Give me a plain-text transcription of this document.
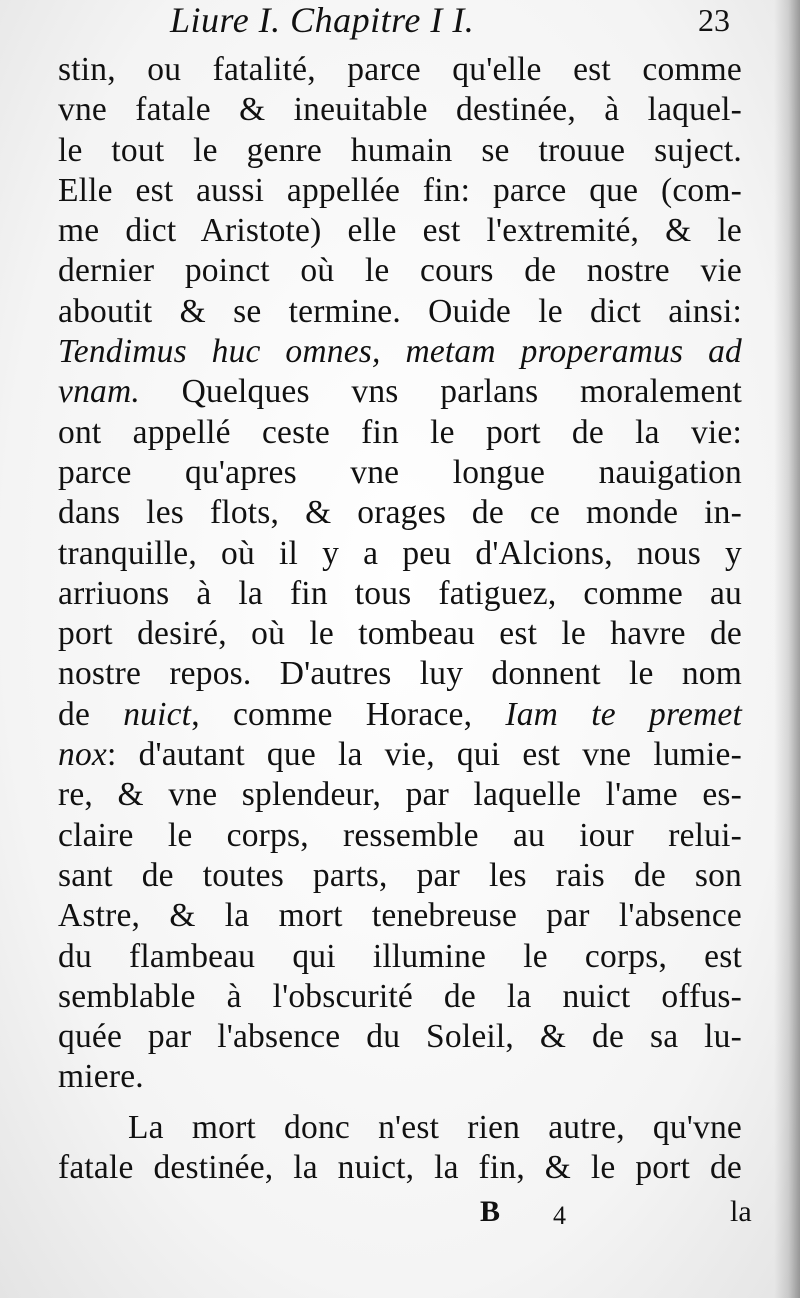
Liure I. Chapitre I I.	23
stin, ou fatalité, parce qu'elle est comme
vne fatale & ineuitable destinée, à laquel-
le tout le genre humain se trouue suject.
Elle est aussi appellée fin: parce que (com-
me dict Aristote) elle est l'extremité, & le
dernier poinct où le cours de nostre vie
aboutit & se termine. Ouide le dict ainsi:
Tendimus huc omnes, metam properamus ad
vnam. Quelques vns parlans moralement
ont appellé ceste fin le port de la vie:
parce qu'apres vne longue nauigation
dans les flots, & orages de ce monde in-
tranquille, où il y a peu d'Alcions, nous y
arriuons à la fin tous fatiguez, comme au
port desiré, où le tombeau est le havre de
nostre repos. D'autres luy donnent le nom
de nuict, comme Horace, Iam te premet
nox: d'autant que la vie, qui est vne lumie-
re, & vne splendeur, par laquelle l'ame es-
claire le corps, ressemble au iour relui-
sant de toutes parts, par les rais de son
Astre, & la mort tenebreuse par l'absence
du flambeau qui illumine le corps, est
semblable à l'obscurité de la nuict offus-
quée par l'absence du Soleil, & de sa lu-
miere.
La mort donc n'est rien autre, qu'vne
fatale destinée, la nuict, la fin, & le port de
B 4	la
